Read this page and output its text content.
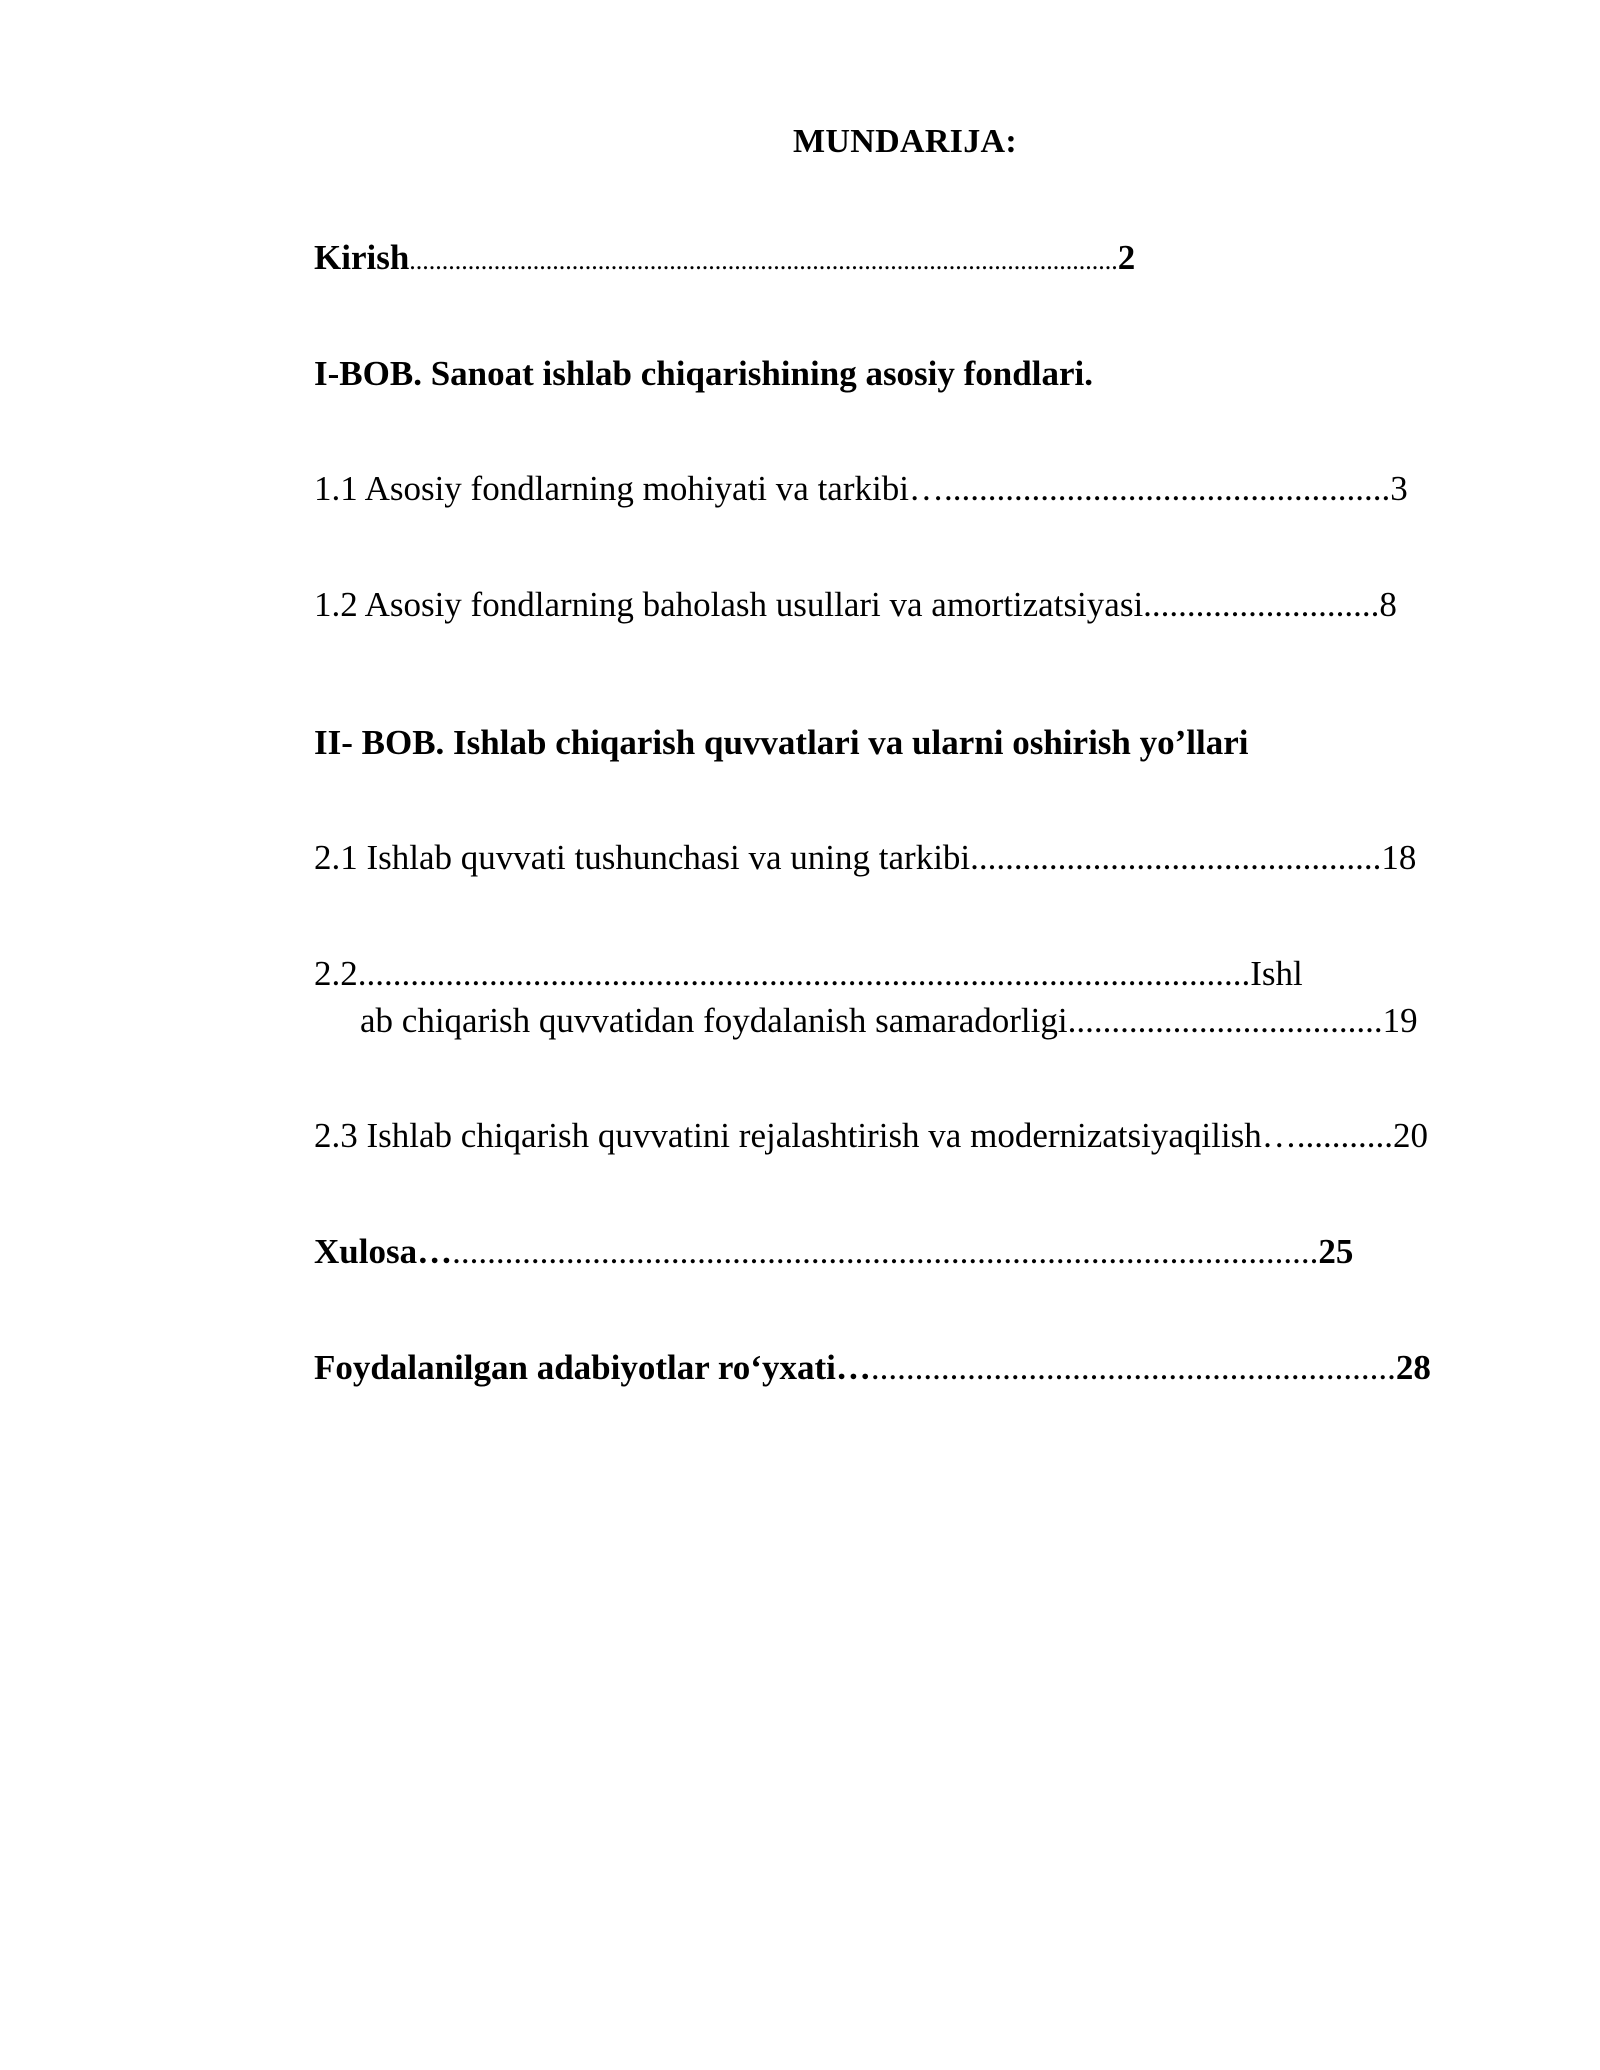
MUNDARIJA:
Kirish.............................................................................................................2
I-BOB. Sanoat ishlab chiqarishining asosiy fondlari.
1.1 Asosiy fondlarning mohiyati va tarkibi…...................................................3
1.2 Asosiy fondlarning baholash usullari va amortizatsiyasi...........................8
II- BOB. Ishlab chiqarish quvvatlari va ularni oshirish yo’llari
2.1 Ishlab quvvati tushunchasi va uning tarkibi...............................................18
2.2......................................................................................................Ishl
ab chiqarish quvvatidan foydalanish samaradorligi....................................19
2.3 Ishlab chiqarish quvvatini rejalashtirish va modernizatsiyaqilish…...........20
Xulosa…...................................................................................................25
Foydalanilgan adabiyotlar ro‘yxati…............................................................28
